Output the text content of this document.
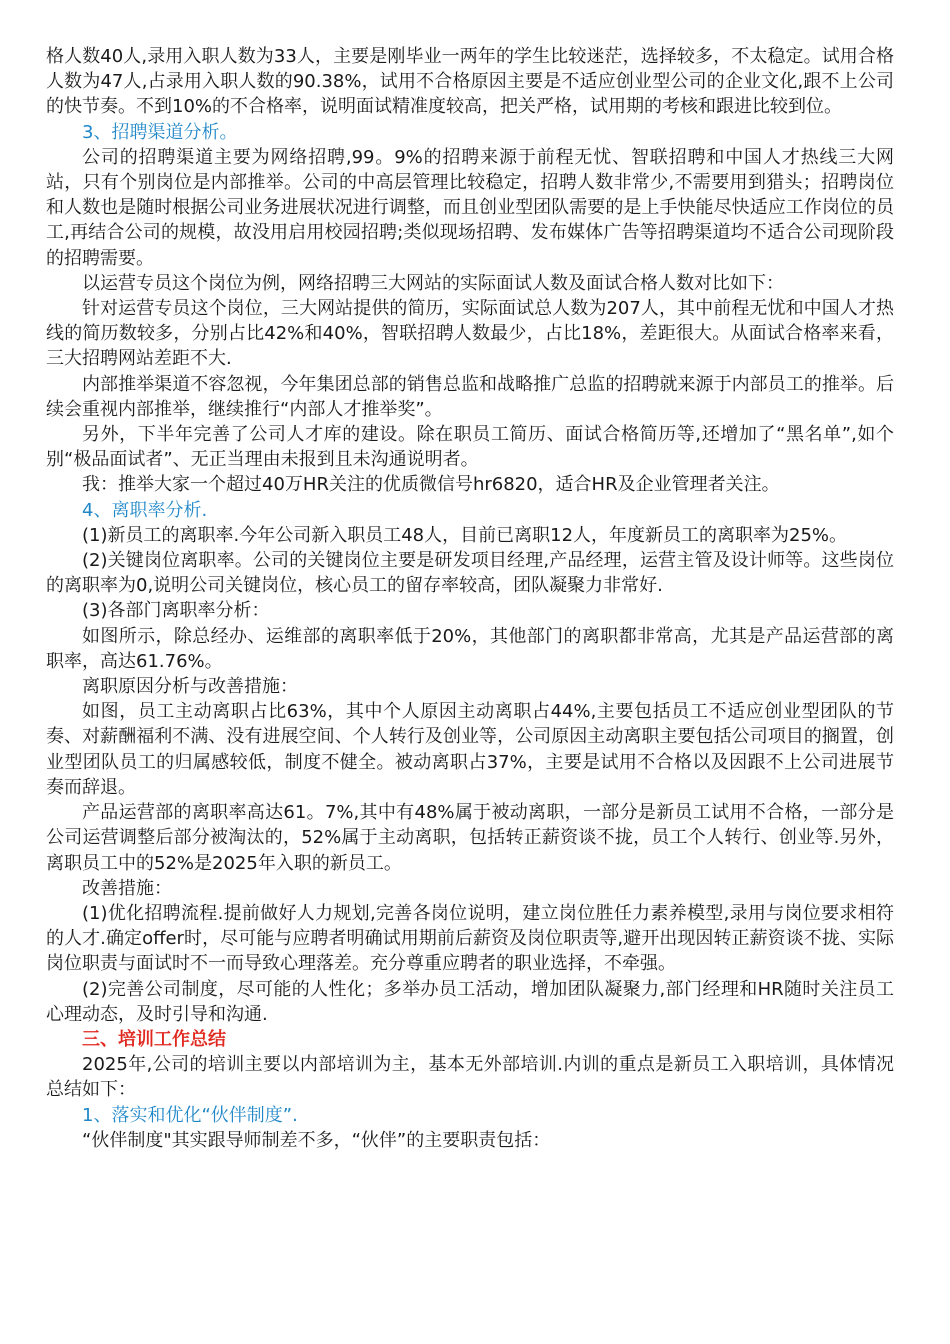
格人数40人,录用入职人数为33人，主要是刚毕业一两年的学生比较迷茫，选择较多，不太稳定。试用合格人数为47人,占录用入职人数的90.38%，试用不合格原因主要是不适应创业型公司的企业文化,跟不上公司的快节奏。不到10%的不合格率，说明面试精准度较高，把关严格，试用期的考核和跟进比较到位。

3、招聘渠道分析。

公司的招聘渠道主要为网络招聘,99。9%的招聘来源于前程无忧、智联招聘和中国人才热线三大网站，只有个别岗位是内部推举。公司的中高层管理比较稳定，招聘人数非常少,不需要用到猎头；招聘岗位和人数也是随时根据公司业务进展状况进行调整，而且创业型团队需要的是上手快能尽快适应工作岗位的员工,再结合公司的规模，故没用启用校园招聘;类似现场招聘、发布媒体广告等招聘渠道均不适合公司现阶段的招聘需要。

以运营专员这个岗位为例，网络招聘三大网站的实际面试人数及面试合格人数对比如下：

针对运营专员这个岗位，三大网站提供的简历，实际面试总人数为207人，其中前程无忧和中国人才热线的简历数较多，分别占比42%和40%，智联招聘人数最少，占比18%，差距很大。从面试合格率来看，三大招聘网站差距不大.

内部推举渠道不容忽视，今年集团总部的销售总监和战略推广总监的招聘就来源于内部员工的推举。后续会重视内部推举，继续推行“内部人才推举奖”。

另外，下半年完善了公司人才库的建设。除在职员工简历、面试合格简历等,还增加了“黑名单”,如个别“极品面试者”、无正当理由未报到且未沟通说明者。

我：推举大家一个超过40万HR关注的优质微信号hr6820，适合HR及企业管理者关注。

4、离职率分析.

(1)新员工的离职率.今年公司新入职员工48人，目前已离职12人，年度新员工的离职率为25%。

(2)关键岗位离职率。公司的关键岗位主要是研发项目经理,产品经理，运营主管及设计师等。这些岗位的离职率为0,说明公司关键岗位，核心员工的留存率较高，团队凝聚力非常好.

(3)各部门离职率分析：

如图所示，除总经办、运维部的离职率低于20%，其他部门的离职都非常高，尤其是产品运营部的离职率，高达61.76%。

离职原因分析与改善措施：

如图，员工主动离职占比63%，其中个人原因主动离职占44%,主要包括员工不适应创业型团队的节奏、对薪酬福利不满、没有进展空间、个人转行及创业等，公司原因主动离职主要包括公司项目的搁置，创业型团队员工的归属感较低，制度不健全。被动离职占37%，主要是试用不合格以及因跟不上公司进展节奏而辞退。

产品运营部的离职率高达61。7%,其中有48%属于被动离职，一部分是新员工试用不合格，一部分是公司运营调整后部分被淘汰的，52%属于主动离职，包括转正薪资谈不拢，员工个人转行、创业等.另外，离职员工中的52%是2025年入职的新员工。

改善措施：

(1)优化招聘流程.提前做好人力规划,完善各岗位说明，建立岗位胜任力素养模型,录用与岗位要求相符的人才.确定offer时，尽可能与应聘者明确试用期前后薪资及岗位职责等,避开出现因转正薪资谈不拢、实际岗位职责与面试时不一而导致心理落差。充分尊重应聘者的职业选择，不牵强。

(2)完善公司制度，尽可能的人性化；多举办员工活动，增加团队凝聚力,部门经理和HR随时关注员工心理动态，及时引导和沟通.

三、培训工作总结

2025年,公司的培训主要以内部培训为主，基本无外部培训.内训的重点是新员工入职培训，具体情况总结如下：

1、落实和优化“伙伴制度”.

“伙伴制度"其实跟导师制差不多，“伙伴”的主要职责包括：
